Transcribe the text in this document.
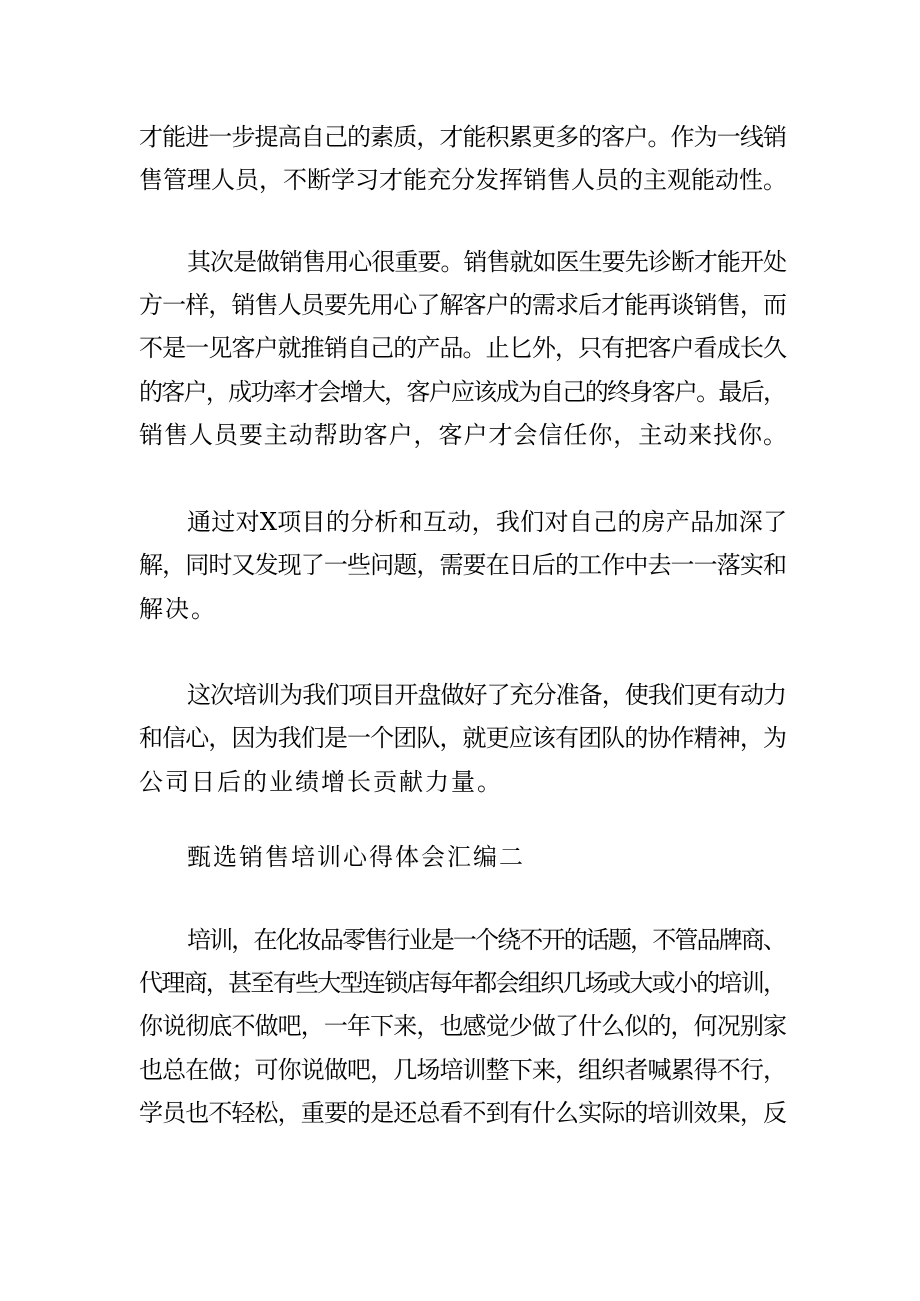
才能进一步提高自己的素质，才能积累更多的客户。作为一线销
售管理人员，不断学习才能充分发挥销售人员的主观能动性。
其次是做销售用心很重要。销售就如医生要先诊断才能开处
方一样，销售人员要先用心了解客户的需求后才能再谈销售，而
不是一见客户就推销自己的产品。止匕外，只有把客户看成长久
的客户，成功率才会增大，客户应该成为自己的终身客户。最后，
销售人员要主动帮助客户，客户才会信任你，主动来找你。
通过对X项目的分析和互动，我们对自己的房产品加深了
解，同时又发现了一些问题，需要在日后的工作中去一一落实和
解决。
这次培训为我们项目开盘做好了充分准备，使我们更有动力
和信心，因为我们是一个团队，就更应该有团队的协作精神，为
公司日后的业绩增长贡献力量。
甄选销售培训心得体会汇编二
培训，在化妆品零售行业是一个绕不开的话题，不管品牌商、
代理商，甚至有些大型连锁店每年都会组织几场或大或小的培训，
你说彻底不做吧，一年下来，也感觉少做了什么似的，何况别家
也总在做；可你说做吧，几场培训整下来，组织者喊累得不行，
学员也不轻松，重要的是还总看不到有什么实际的培训效果，反
